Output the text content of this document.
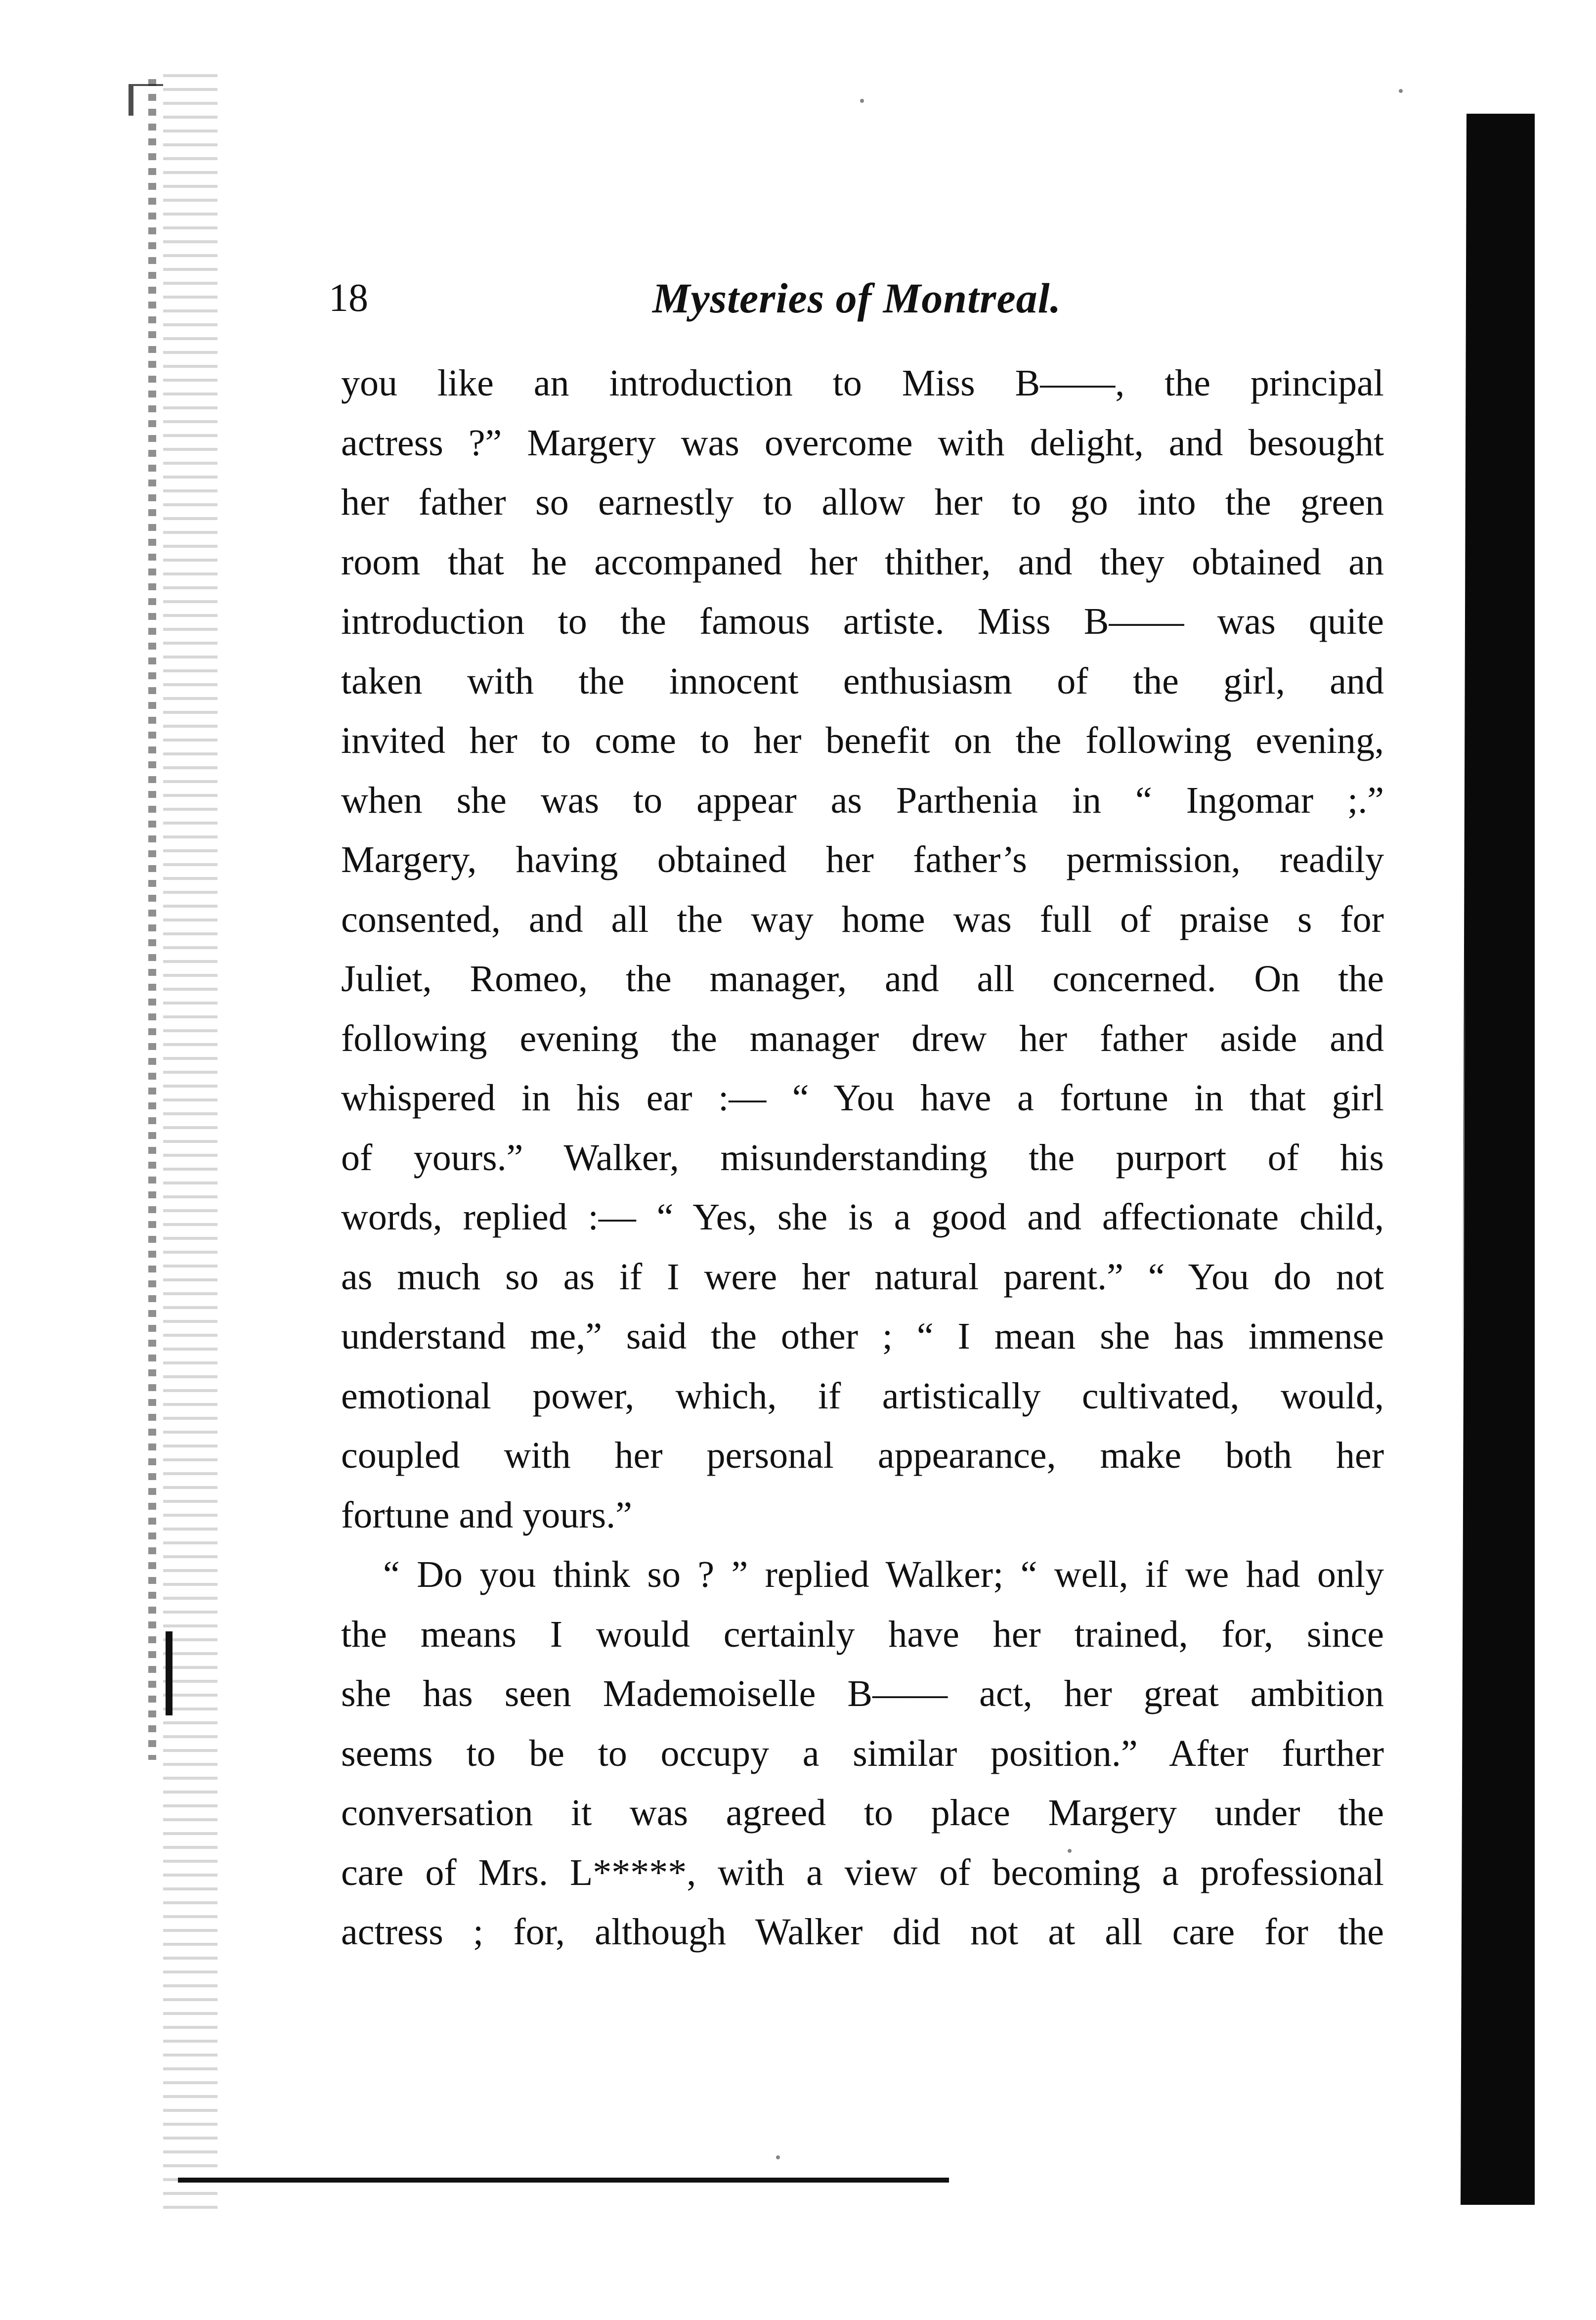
18	Mysteries of Montreal.
you like an introduction to Miss B——, the principal
actress ?” Margery was overcome with delight, and besought
her father so earnestly to allow her to go into the green
room that he accompaned her thither, and they obtained an
introduction to the famous artiste. Miss B—— was quite
taken with the innocent enthusiasm of the girl, and
invited her to come to her benefit on the following evening,
when she was to appear as Parthenia in “ Ingomar ;.”
Margery, having obtained her father’s permission, readily
consented, and all the way home was full of praise s for
Juliet, Romeo, the manager, and all concerned. On the
following evening the manager drew her father aside and
whispered in his ear :— “ You have a fortune in that girl
of yours.” Walker, misunderstanding the purport of his
words, replied :— “ Yes, she is a good and affectionate child,
as much so as if I were her natural parent.” “ You do not
understand me,” said the other ; “ I mean she has immense
emotional power, which, if artistically cultivated, would,
coupled with her personal appearance, make both her
fortune and yours.”
“ Do you think so ? ” replied Walker; “ well, if we had only
the means I would certainly have her trained, for, since
she has seen Mademoiselle B—— act, her great ambition
seems to be to occupy a similar position.” After further
conversation it was agreed to place Margery under the
care of Mrs. L*****, with a view of becoming a professional
actress ; for, although Walker did not at all care for the
